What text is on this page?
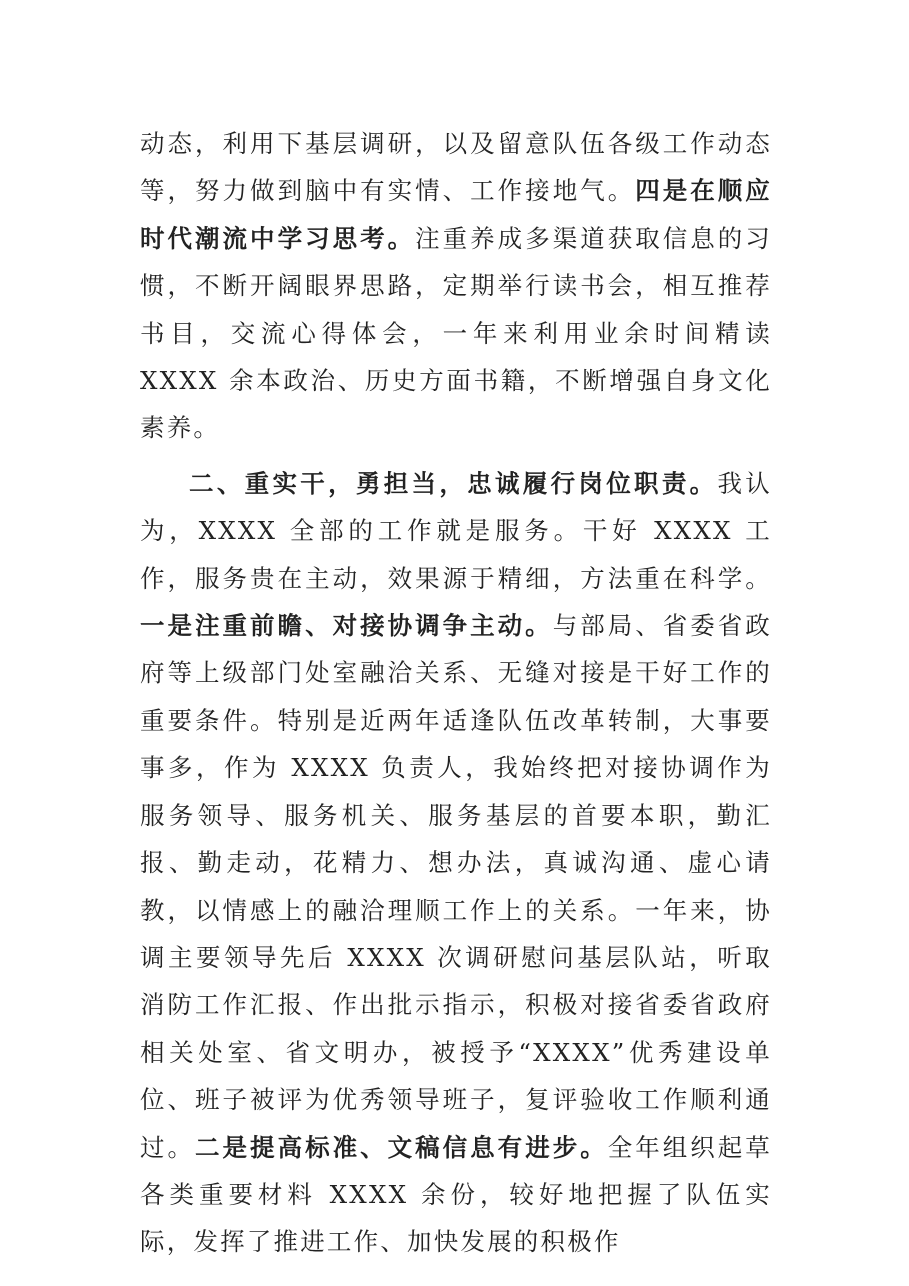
动态，利用下基层调研，以及留意队伍各级工作动态等，努力做到脑中有实情、工作接地气。四是在顺应时代潮流中学习思考。注重养成多渠道获取信息的习惯，不断开阔眼界思路，定期举行读书会，相互推荐书目，交流心得体会，一年来利用业余时间精读 XXXX 余本政治、历史方面书籍，不断增强自身文化素养。

二、重实干，勇担当，忠诚履行岗位职责。我认为，XXXX 全部的工作就是服务。干好 XXXX 工作，服务贵在主动，效果源于精细，方法重在科学。一是注重前瞻、对接协调争主动。与部局、省委省政府等上级部门处室融洽关系、无缝对接是干好工作的重要条件。特别是近两年适逢队伍改革转制，大事要事多，作为 XXXX 负责人，我始终把对接协调作为服务领导、服务机关、服务基层的首要本职，勤汇报、勤走动，花精力、想办法，真诚沟通、虚心请教，以情感上的融洽理顺工作上的关系。一年来，协调主要领导先后 XXXX 次调研慰问基层队站，听取消防工作汇报、作出批示指示，积极对接省委省政府相关处室、省文明办，被授予“XXXX”优秀建设单位、班子被评为优秀领导班子，复评验收工作顺利通过。二是提高标准、文稿信息有进步。全年组织起草各类重要材料 XXXX 余份，较好地把握了队伍实际，发挥了推进工作、加快发展的积极作
